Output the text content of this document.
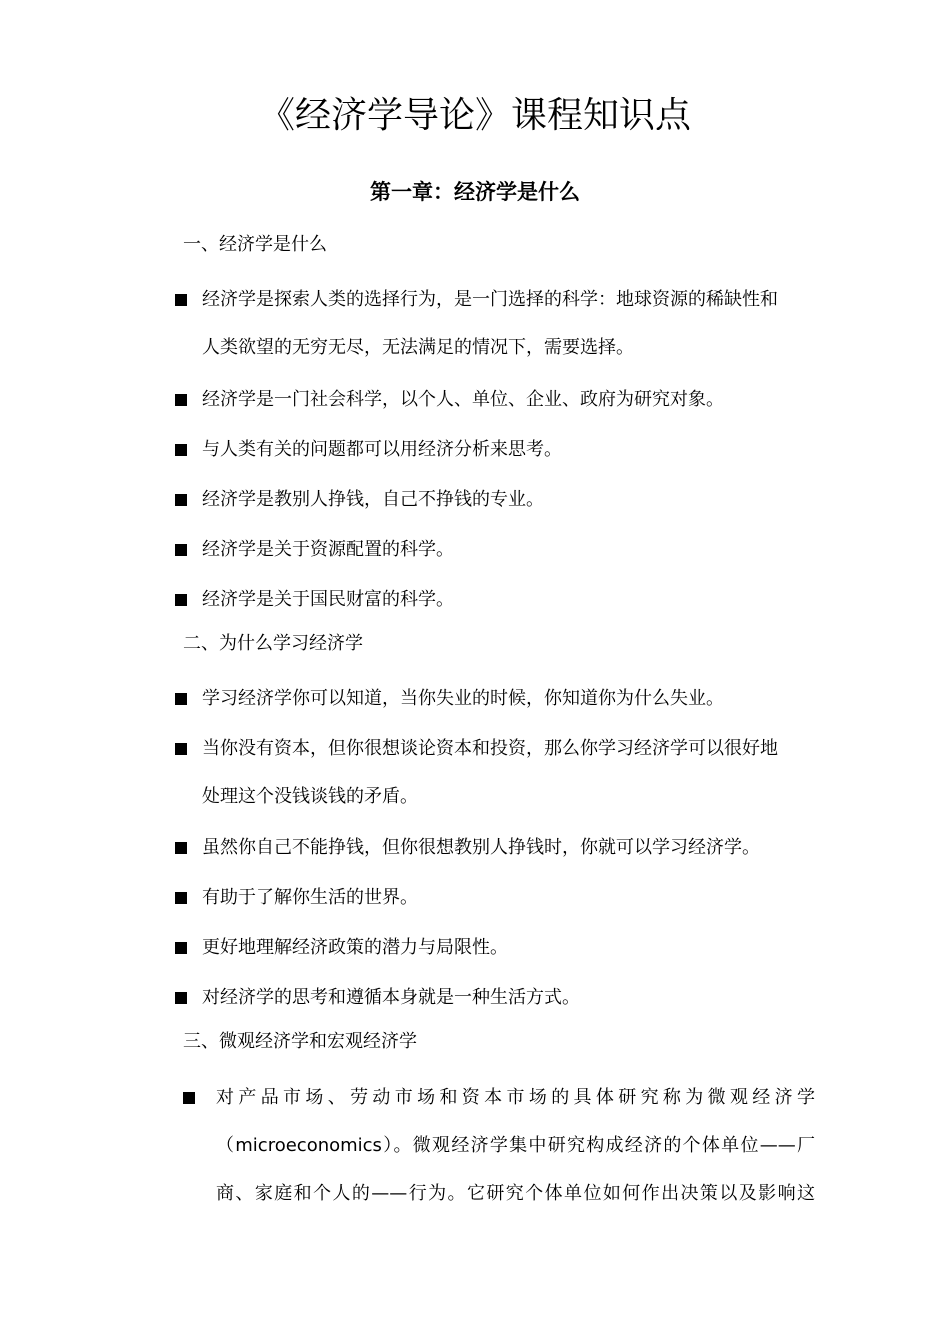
《经济学导论》课程知识点
第一章：经济学是什么
一、经济学是什么
经济学是探索人类的选择行为，是一门选择的科学：地球资源的稀缺性和
人类欲望的无穷无尽，无法满足的情况下，需要选择。
经济学是一门社会科学，以个人、单位、企业、政府为研究对象。
与人类有关的问题都可以用经济分析来思考。
经济学是教别人挣钱，自己不挣钱的专业。
经济学是关于资源配置的科学。
经济学是关于国民财富的科学。
二、为什么学习经济学
学习经济学你可以知道，当你失业的时候，你知道你为什么失业。
当你没有资本，但你很想谈论资本和投资，那么你学习经济学可以很好地
处理这个没钱谈钱的矛盾。
虽然你自己不能挣钱，但你很想教别人挣钱时，你就可以学习经济学。
有助于了解你生活的世界。
更好地理解经济政策的潜力与局限性。
对经济学的思考和遵循本身就是一种生活方式。
三、微观经济学和宏观经济学
对产品市场、劳动市场和资本市场的具体研究称为微观经济学
（microeconomics）。微观经济学集中研究构成经济的个体单位——厂
商、家庭和个人的——行为。它研究个体单位如何作出决策以及影响这
